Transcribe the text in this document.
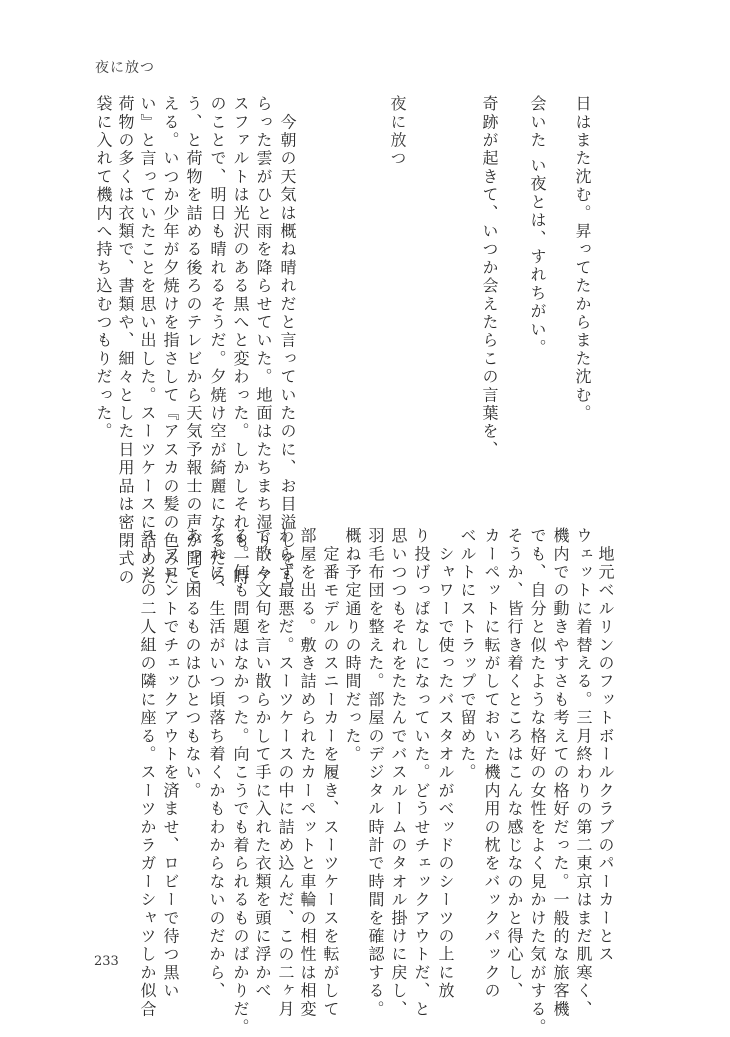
夜に放つ
日はまた沈む。昇ってたからまた沈む。
会いた い夜とは、すれちがい。
奇跡が起きて、いつか会えたらこの言葉を、
夜に放つ
　今朝の天気は概ね晴れだと言っていたのに、お目溢しをも
らった雲がひと雨を降らせていた。地面はたちまち湿り、ア
スファルトは光沢のある黒へと変わった。しかしそれも一時
のことで、明日も晴れるそうだ。夕焼け空が綺麗になるだろ
う、と荷物を詰める後ろのテレビから天気予報士の声が聞こ
える。いつか少年が夕焼けを指さして『アスカの髪の色みた
い』と言っていたことを思い出した。スーツケースに詰めた
荷物の多くは衣類で、書類や、細々とした日用品は密閉式の
袋に入れて機内へ持ち込むつもりだった。
　地元ベルリンのフットボールクラブのパーカーとス
ウェットに着替える。三月終わりの第二東京はまだ肌寒く、
機内での動きやすさも考えての格好だった。一般的な旅客機
でも、自分と似たような格好の女性をよく見かけた気がする。
そうか、皆行き着くところはこんな感じなのかと得心し、
カーペットに転がしておいた機内用の枕をバックパックの
ベルトにストラップで留めた。
　シャワーで使ったバスタオルがベッドのシーツの上に放
り投げっぱなしになっていた。どうせチェックアウトだ、と
思いつつもそれをたたんでバスルームのタオル掛けに戻し、
羽毛布団を整えた。部屋のデジタル時計で時間を確認する。
概ね予定通りの時間だった。
　定番モデルのスニーカーを履き、スーツケースを転がして
部屋を出る。敷き詰められたカーペットと車輪の相性は相変
わらず最悪だ。スーツケースの中に詰め込んだ、この二ヶ月
で散々文句を言い散らかして手に入れた衣類を頭に浮かべ
る。何も問題はなかった。向こうでも着られるものばかりだ。
それに、生活がいつ頃落ち着くかもわからないのだから、
あって困るものはひとつもない。
　フロントでチェックアウトを済ませ、ロビーで待つ黒い
スーツの二人組の隣に座る。スーツかラガーシャツしか似合
233
